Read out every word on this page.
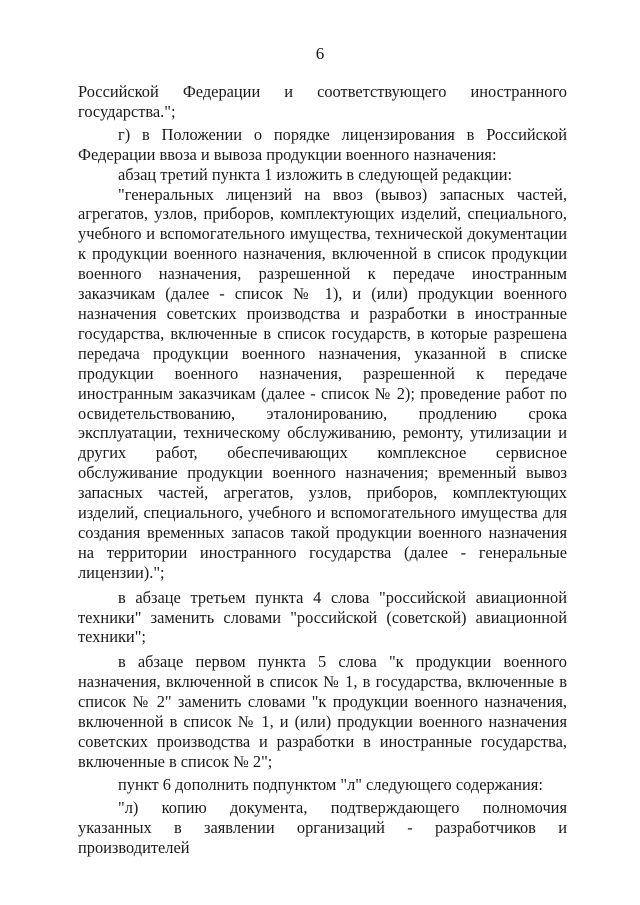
6

Российской Федерации и соответствующего иностранного государства.";

г) в Положении о порядке лицензирования в Российской Федерации ввоза и вывоза продукции военного назначения:

абзац третий пункта 1 изложить в следующей редакции:

"генеральных лицензий на ввоз (вывоз) запасных частей, агрегатов, узлов, приборов, комплектующих изделий, специального, учебного и вспомогательного имущества, технической документации к продукции военного назначения, включенной в список продукции военного назначения, разрешенной к передаче иностранным заказчикам (далее - список № 1), и (или) продукции военного назначения советских производства и разработки в иностранные государства, включенные в список государств, в которые разрешена передача продукции военного назначения, указанной в списке продукции военного назначения, разрешенной к передаче иностранным заказчикам (далее - список № 2); проведение работ по освидетельствованию, эталонированию, продлению срока эксплуатации, техническому обслуживанию, ремонту, утилизации и других работ, обеспечивающих комплексное сервисное обслуживание продукции военного назначения; временный вывоз запасных частей, агрегатов, узлов, приборов, комплектующих изделий, специального, учебного и вспомогательного имущества для создания временных запасов такой продукции военного назначения на территории иностранного государства (далее - генеральные лицензии).";

в абзаце третьем пункта 4 слова "российской авиационной техники" заменить словами "российской (советской) авиационной техники";

в абзаце первом пункта 5 слова "к продукции военного назначения, включенной в список № 1, в государства, включенные в список № 2" заменить словами "к продукции военного назначения, включенной в список № 1, и (или) продукции военного назначения советских производства и разработки в иностранные государства, включенные в список № 2";

пункт 6 дополнить подпунктом "л" следующего содержания:

"л) копию документа, подтверждающего полномочия указанных в заявлении организаций - разработчиков и производителей
